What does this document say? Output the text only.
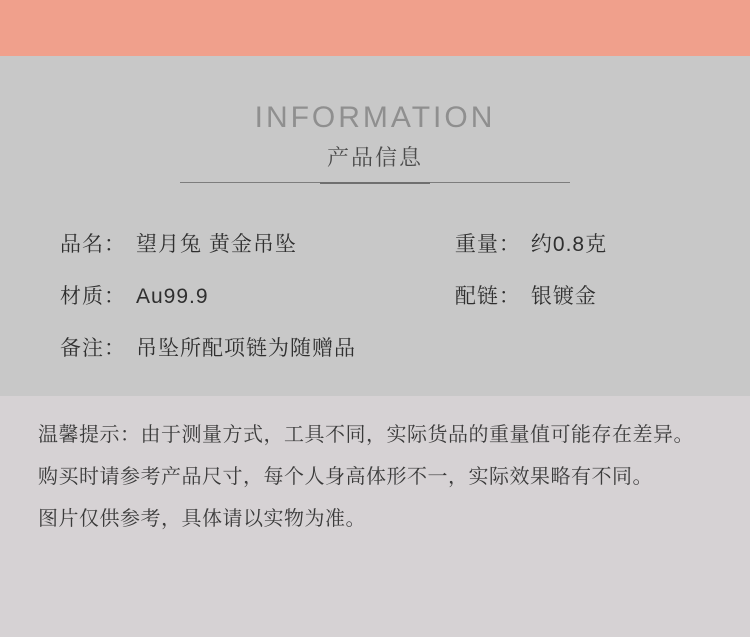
INFORMATION
产品信息
品名： 望月兔 黄金吊坠	重量： 约0.8克
材质： Au99.9	配链： 银镀金
备注： 吊坠所配项链为随赠品

温馨提示：由于测量方式，工具不同，实际货品的重量值可能存在差异。

购买时请参考产品尺寸，每个人身高体形不一，实际效果略有不同。

图片仅供参考，具体请以实物为准。
